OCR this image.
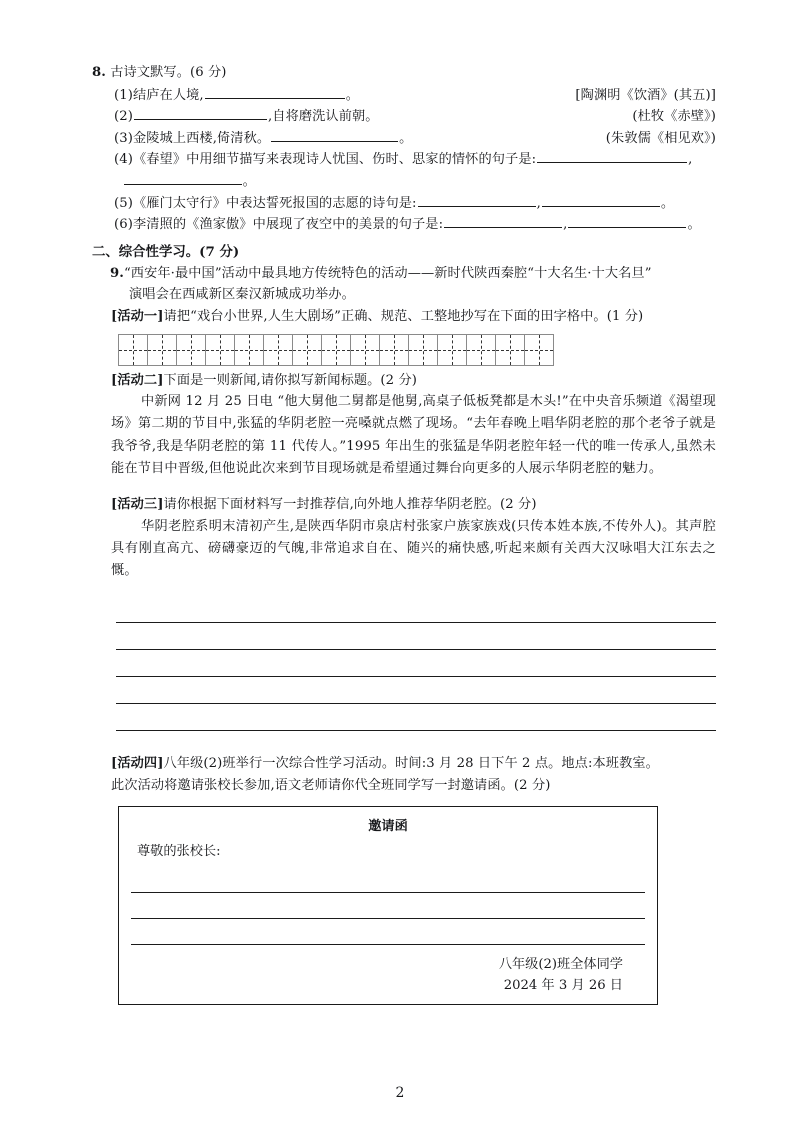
8. 古诗文默写。(6 分)
(1)结庐在人境,	。	[陶渊明《饮酒》(其五)]
(2)	,自将磨洗认前朝。	(杜牧《赤壁》)
(3)金陵城上西楼,倚清秋。	。	(朱敦儒《相见欢》)
(4)《春望》中用细节描写来表现诗人忧国、伤时、思家的情怀的句子是:	,
。
(5)《雁门太守行》中表达誓死报国的志愿的诗句是:	,	。
(6)李清照的《渔家傲》中展现了夜空中的美景的句子是:	,	。
二、综合性学习。(7 分)
9.“西安年·最中国”活动中最具地方传统特色的活动——新时代陕西秦腔“十大名生·十大名旦”
演唱会在西咸新区秦汉新城成功举办。
[活动一]请把“戏台小世界,人生大剧场”正确、规范、工整地抄写在下面的田字格中。(1 分)

[活动二]下面是一则新闻,请你拟写新闻标题。(2 分)
中新网 12 月 25 日电 “他大舅他二舅都是他舅,高桌子低板凳都是木头!”在中央音乐频道《渴望现场》第二期的节目中,张猛的华阴老腔一亮嗓就点燃了现场。“去年春晚上唱华阴老腔的那个老爷子就是我爷爷,我是华阴老腔的第 11 代传人。”1995 年出生的张猛是华阴老腔年轻一代的唯一传承人,虽然未能在节目中晋级,但他说此次来到节目现场就是希望通过舞台向更多的人展示华阴老腔的魅力。
[活动三]请你根据下面材料写一封推荐信,向外地人推荐华阴老腔。(2 分)
华阴老腔系明末清初产生,是陕西华阴市泉店村张家户族家族戏(只传本姓本族,不传外人)。其声腔具有刚直高亢、磅礴豪迈的气魄,非常追求自在、随兴的痛快感,听起来颇有关西大汉咏唱大江东去之慨。
[活动四]八年级(2)班举行一次综合性学习活动。时间:3 月 28 日下午 2 点。地点:本班教室。
此次活动将邀请张校长参加,语文老师请你代全班同学写一封邀请函。(2 分)
邀请函
尊敬的张校长:
八年级(2)班全体同学
2024 年 3 月 26 日
2
